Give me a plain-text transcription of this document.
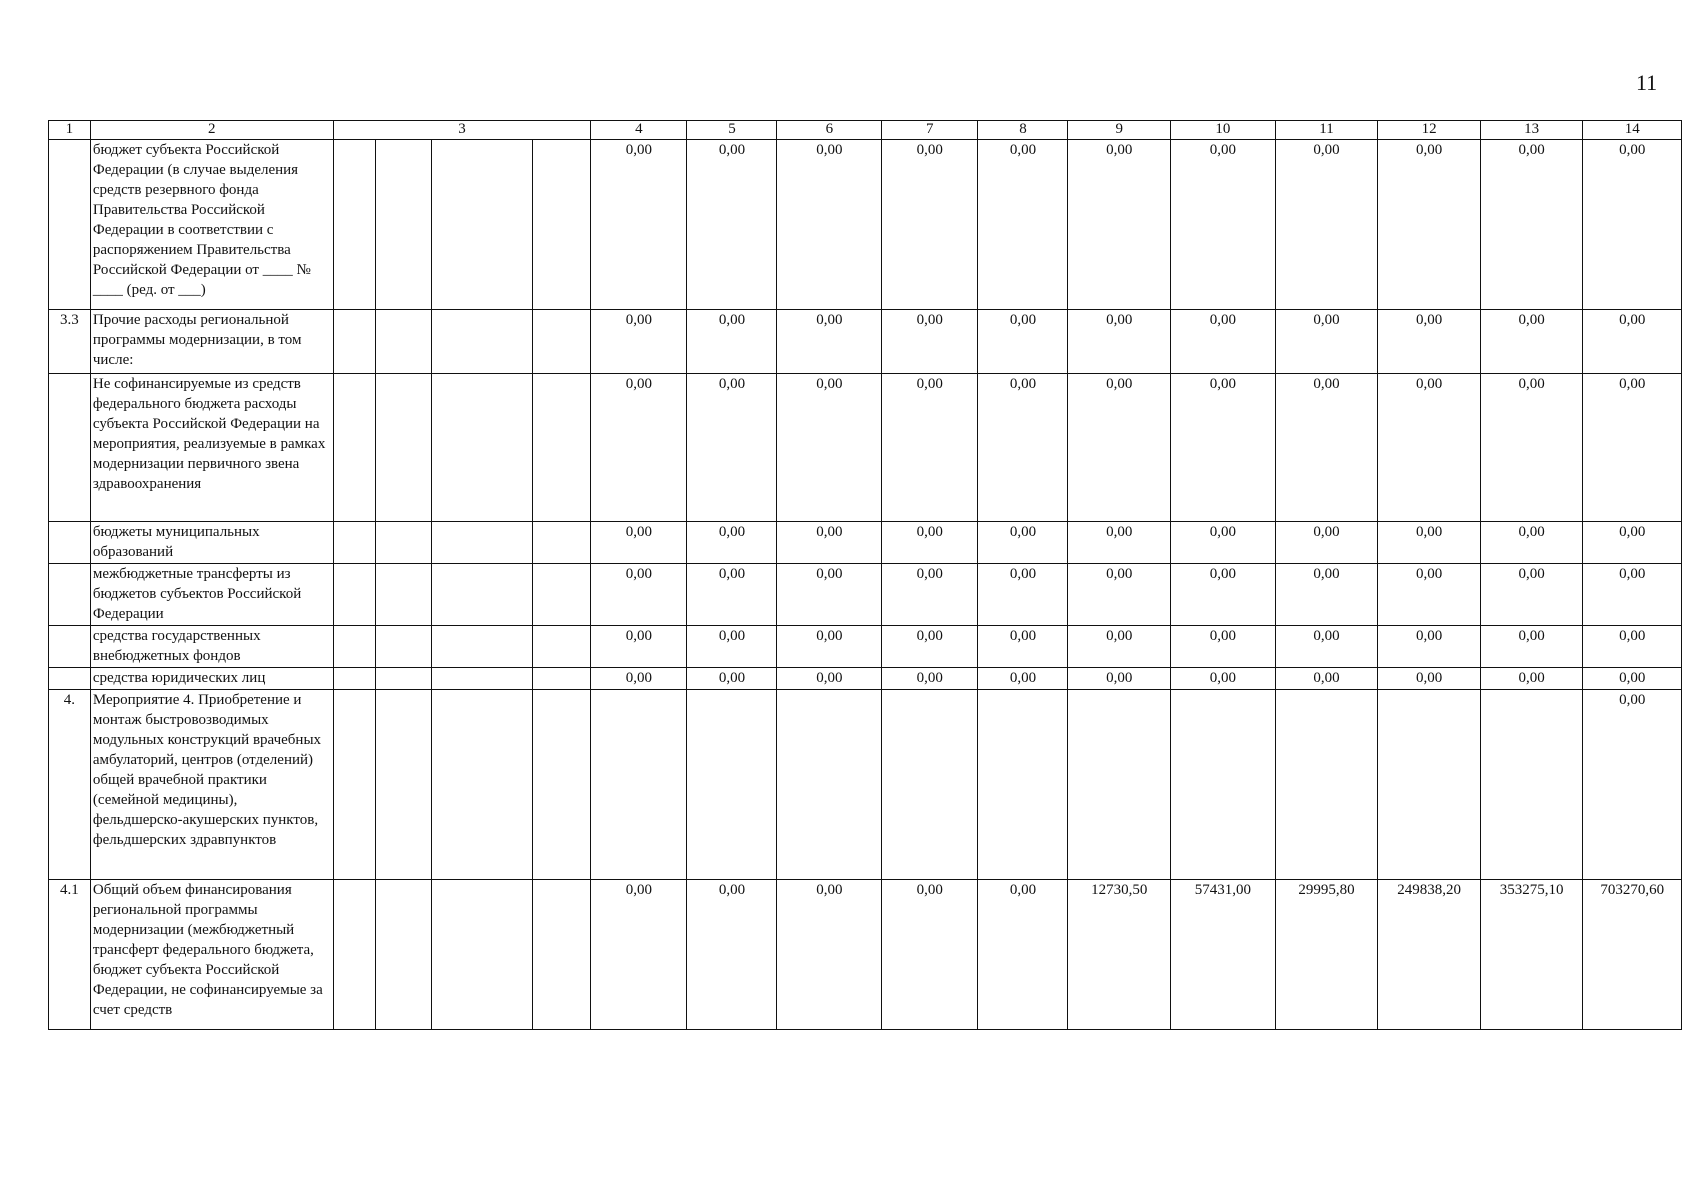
11
1	2	3				4	5	6	7	8	9	10	11	12	13	14
	бюджет субъекта Российской Федерации (в случае выделения средств резервного фонда Правительства Российской Федерации в соответствии с распоряжением Правительства Российской Федерации от ____ № ____ (ред. от ___)					0,00	0,00	0,00	0,00	0,00	0,00	0,00	0,00	0,00	0,00	0,00
3.3	Прочие расходы региональной программы модернизации, в том числе:					0,00	0,00	0,00	0,00	0,00	0,00	0,00	0,00	0,00	0,00	0,00
	Не софинансируемые из средств федерального бюджета расходы субъекта Российской Федерации на мероприятия, реализуемые в рамках модернизации первичного звена здравоохранения					0,00	0,00	0,00	0,00	0,00	0,00	0,00	0,00	0,00	0,00	0,00
	бюджеты муниципальных образований					0,00	0,00	0,00	0,00	0,00	0,00	0,00	0,00	0,00	0,00	0,00
	межбюджетные трансферты из бюджетов субъектов Российской Федерации					0,00	0,00	0,00	0,00	0,00	0,00	0,00	0,00	0,00	0,00	0,00
	средства государственных внебюджетных фондов					0,00	0,00	0,00	0,00	0,00	0,00	0,00	0,00	0,00	0,00	0,00
	средства юридических лиц					0,00	0,00	0,00	0,00	0,00	0,00	0,00	0,00	0,00	0,00	0,00
4.	Мероприятие 4. Приобретение и монтаж быстровозводимых модульных конструкций врачебных амбулаторий, центров (отделений) общей врачебной практики (семейной медицины), фельдшерско-акушерских пунктов, фельдшерских здравпунктов															0,00
4.1	Общий объем финансирования региональной программы модернизации (межбюджетный трансферт федерального бюджета, бюджет субъекта Российской Федерации, не софинансируемые за счет средств					0,00	0,00	0,00	0,00	0,00	12730,50	57431,00	29995,80	249838,20	353275,10	703270,60
